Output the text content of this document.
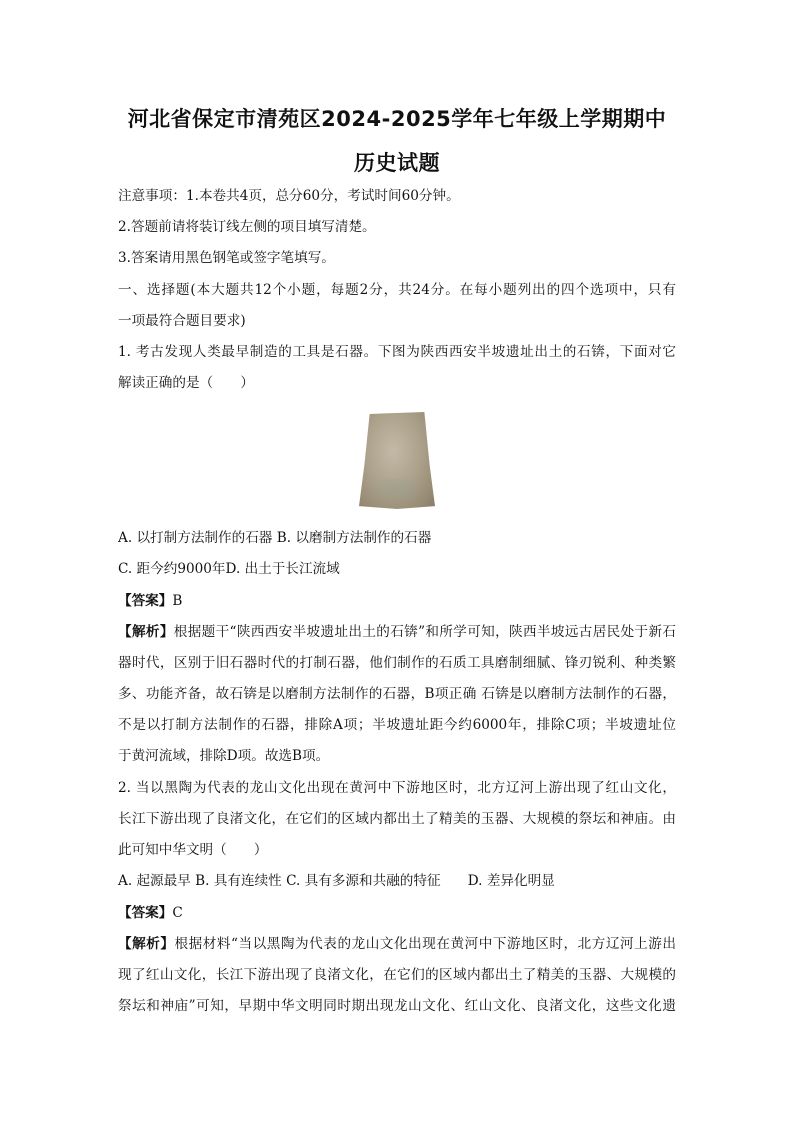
河北省保定市清苑区2024-2025学年七年级上学期期中
历史试题
注意事项：1.本卷共4页，总分60分，考试时间60分钟。
2.答题前请将装订线左侧的项目填写清楚。
3.答案请用黑色钢笔或签字笔填写。
一、选择题(本大题共12个小题，每题2分，共24分。在每小题列出的四个选项中，只有
一项最符合题目要求)
1. 考古发现人类最早制造的工具是石器。下图为陕西西安半坡遗址出土的石锛，下面对它
解读正确的是（　　）
A. 以打制方法制作的石器 B. 以磨制方法制作的石器
C. 距今约9000年D. 出土于长江流域
【答案】B
【解析】根据题干“陕西西安半坡遗址出土的石锛”和所学可知，陕西半坡远古居民处于新石
器时代，区别于旧石器时代的打制石器，他们制作的石质工具磨制细腻、锋刃锐利、种类繁
多、功能齐备，故石锛是以磨制方法制作的石器，B项正确 石锛是以磨制方法制作的石器，
不是以打制方法制作的石器，排除A项；半坡遗址距今约6000年，排除C项；半坡遗址位
于黄河流域，排除D项。故选B项。
2. 当以黑陶为代表的龙山文化出现在黄河中下游地区时，北方辽河上游出现了红山文化，
长江下游出现了良渚文化，在它们的区域内都出土了精美的玉器、大规模的祭坛和神庙。由
此可知中华文明（　　）
A. 起源最早 B. 具有连续性 C. 具有多源和共融的特征　　D. 差异化明显
【答案】C
【解析】根据材料“当以黑陶为代表的龙山文化出现在黄河中下游地区时，北方辽河上游出
现了红山文化，长江下游出现了良渚文化，在它们的区域内都出土了精美的玉器、大规模的
祭坛和神庙”可知，早期中华文明同时期出现龙山文化、红山文化、良渚文化，这些文化遗
